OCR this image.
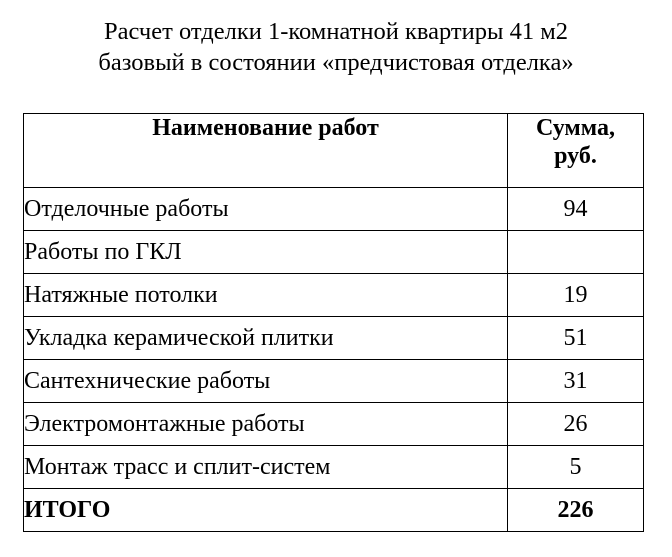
Расчет отделки 1-комнатной квартиры 41 м2
базовый в состоянии «предчистовая отделка»
Наименование работ	Сумма,
руб.

Отделочные работы	94
Работы по ГКЛ	
Натяжные потолки	19
Укладка керамической плитки	51
Сантехнические работы	31
Электромонтажные работы	26
Монтаж трасс и сплит-систем	5
ИТОГО	226
